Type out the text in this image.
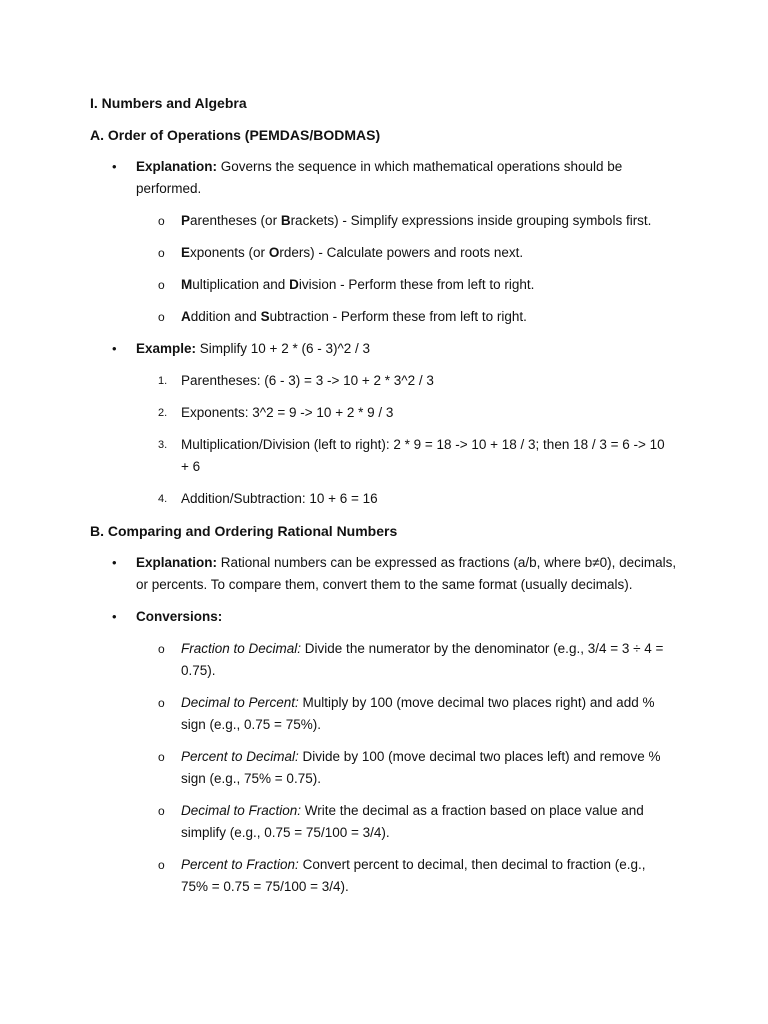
I. Numbers and Algebra
A. Order of Operations (PEMDAS/BODMAS)
•	Explanation: Governs the sequence in which mathematical operations should be performed.
o	Parentheses (or Brackets) - Simplify expressions inside grouping symbols first.
o	Exponents (or Orders) - Calculate powers and roots next.
o	Multiplication and Division - Perform these from left to right.
o	Addition and Subtraction - Perform these from left to right.
•	Example: Simplify 10 + 2 * (6 - 3)^2 / 3
1.	Parentheses: (6 - 3) = 3 -> 10 + 2 * 3^2 / 3
2.	Exponents: 3^2 = 9 -> 10 + 2 * 9 / 3
3.	Multiplication/Division (left to right): 2 * 9 = 18 -> 10 + 18 / 3; then 18 / 3 = 6 -> 10 + 6
4.	Addition/Subtraction: 10 + 6 = 16
B. Comparing and Ordering Rational Numbers
•	Explanation: Rational numbers can be expressed as fractions (a/b, where b≠0), decimals, or percents. To compare them, convert them to the same format (usually decimals).
•	Conversions:
o	Fraction to Decimal: Divide the numerator by the denominator (e.g., 3/4 = 3 ÷ 4 = 0.75).
o	Decimal to Percent: Multiply by 100 (move decimal two places right) and add % sign (e.g., 0.75 = 75%).
o	Percent to Decimal: Divide by 100 (move decimal two places left) and remove % sign (e.g., 75% = 0.75).
o	Decimal to Fraction: Write the decimal as a fraction based on place value and simplify (e.g., 0.75 = 75/100 = 3/4).
o	Percent to Fraction: Convert percent to decimal, then decimal to fraction (e.g., 75% = 0.75 = 75/100 = 3/4).
